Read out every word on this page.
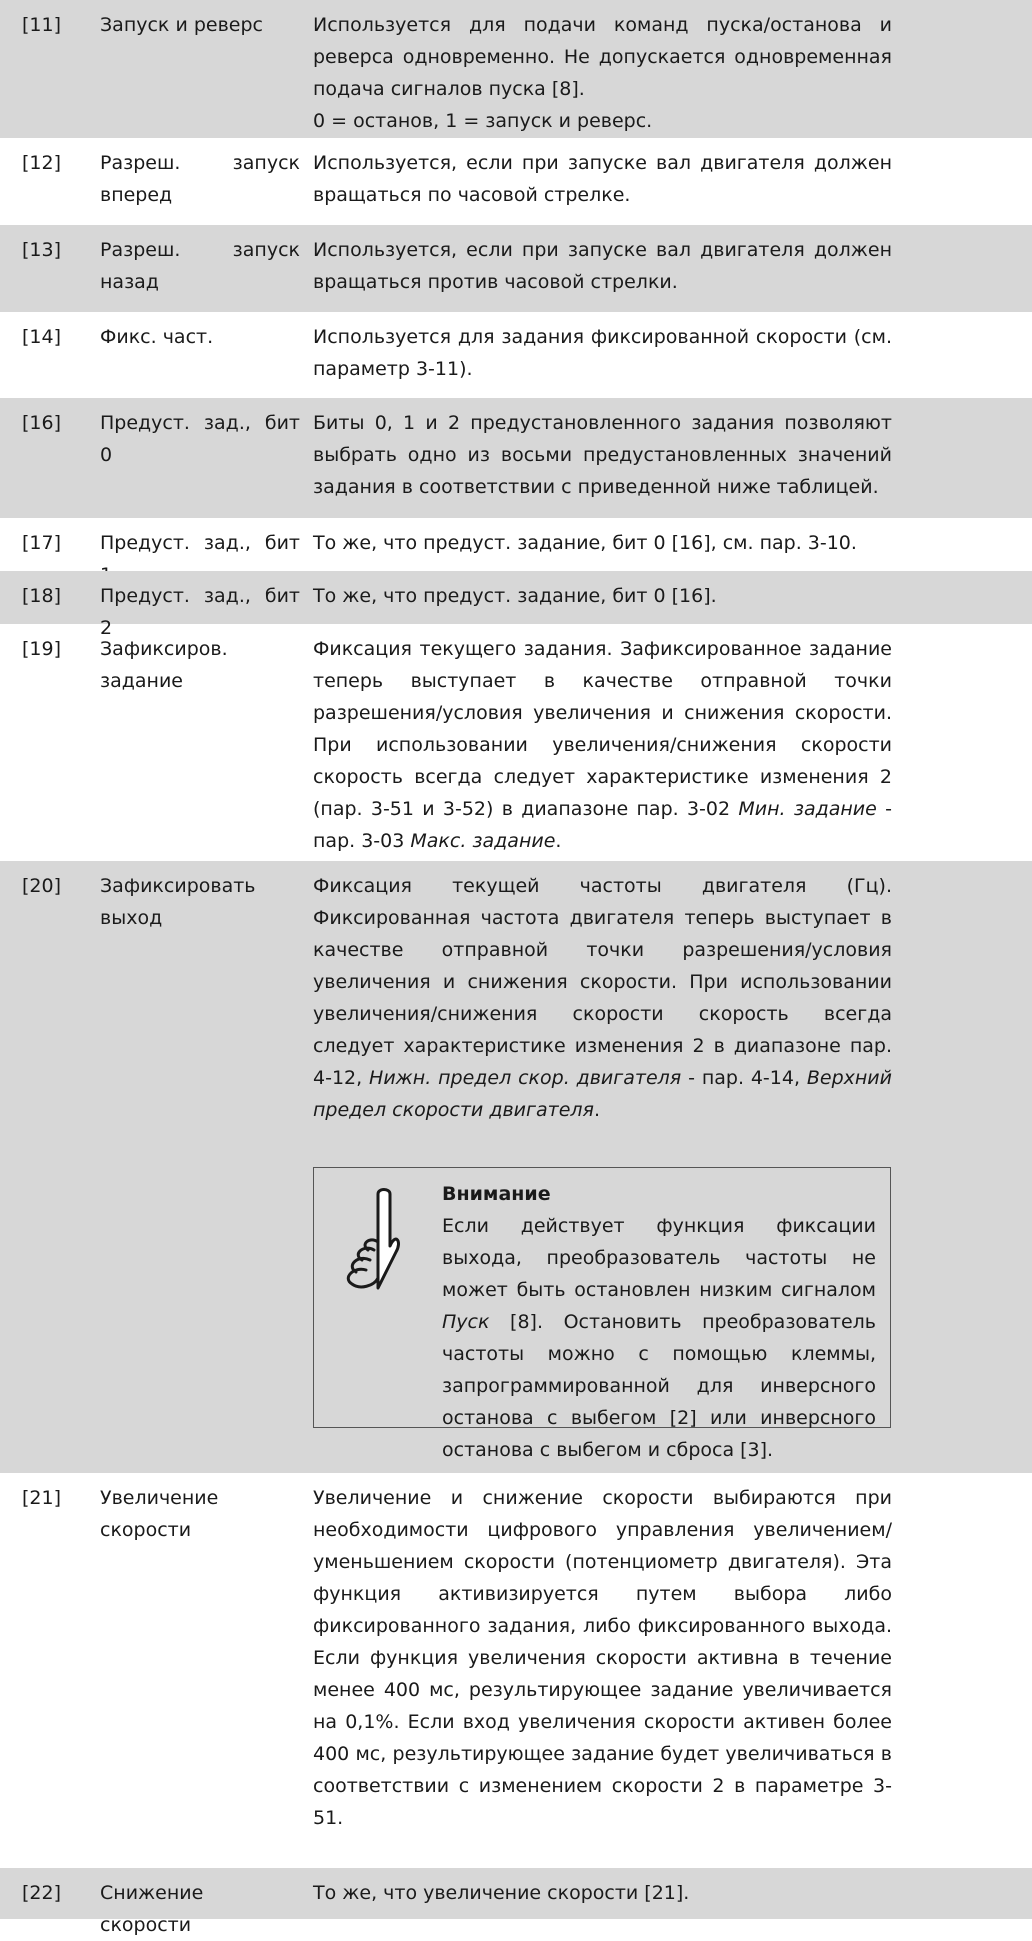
[11] Запуск и реверс	Используется для подачи команд пуска/останова и реверса одновременно. Не допускается одновременная подача сигналов пуска [8].

0 = останов, 1 = запуск и реверс.

[12] Разреш. запуск вперед
Используется, если при запуске вал двигателя должен вращаться по часовой стрелке.
[13] Разреш. запуск назад
Используется, если при запуске вал двигателя должен вращаться против часовой стрелки.
[14] Фикс. част.	Используется для задания фиксированной скорости (см. параметр 3-11).
[16] Предуст. зад., бит 0
Биты 0, 1 и 2 предустановленного задания позволяют выбрать одно из восьми предустановленных значений задания в соответствии с приведенной ниже таблицей.
[17] Предуст. зад., бит То же, что предуст. задание, бит 0 [16], см. пар. 3-10.
[18] Предуст. зад., бит 2
То же, что предуст. задание, бит 0 [16].
[19] Зафиксиров. задание
Фиксация текущего задания. Зафиксированное задание теперь выступает в качестве отправной точки разрешения/условия увеличения и снижения скорости. При использовании увеличения/снижения скорости скорость всегда следует характеристике изменения 2 (пар. 3-51 и 3-52) в диапазоне пар. 3-02 Мин. задание - пар. 3-03 Макс. задание.
[20] Зафиксировать выход
Фиксация текущей частоты двигателя (Гц). Фиксированная частота двигателя теперь выступает в качестве отправной точки разрешения/условия увеличения и снижения скорости. При использовании увеличения/снижения скорости скорость всегда следует характеристике изменения 2 в диапазоне пар. 4-12, Нижн. предел скор. двигателя - пар. 4-14, Верхний предел скорости двигателя.
Внимание
Если действует функция фиксации выхода, преобразователь частоты не может быть остановлен низким сигналом Пуск [8]. Остановить преобразователь частоты можно с помощью клеммы, запрограммированной для инверсного останова с выбегом [2] или инверсного останова с выбегом и сброса [3].
[21] Увеличение скорости
Увеличение и снижение скорости выбираются при необходимости цифрового управления увеличением/уменьшением скорости (потенциометр двигателя). Эта функция активизируется путем выбора либо фиксированного задания, либо фиксированного выхода. Если функция увеличения скорости активна в течение менее 400 мс, результирующее задание увеличивается на 0,1%. Если вход увеличения скорости активен более 400 мс, результирующее задание будет увеличиваться в соответствии с изменением скорости 2 в параметре 3-51.
[22] Снижение скорости
То же, что увеличение скорости [21].
